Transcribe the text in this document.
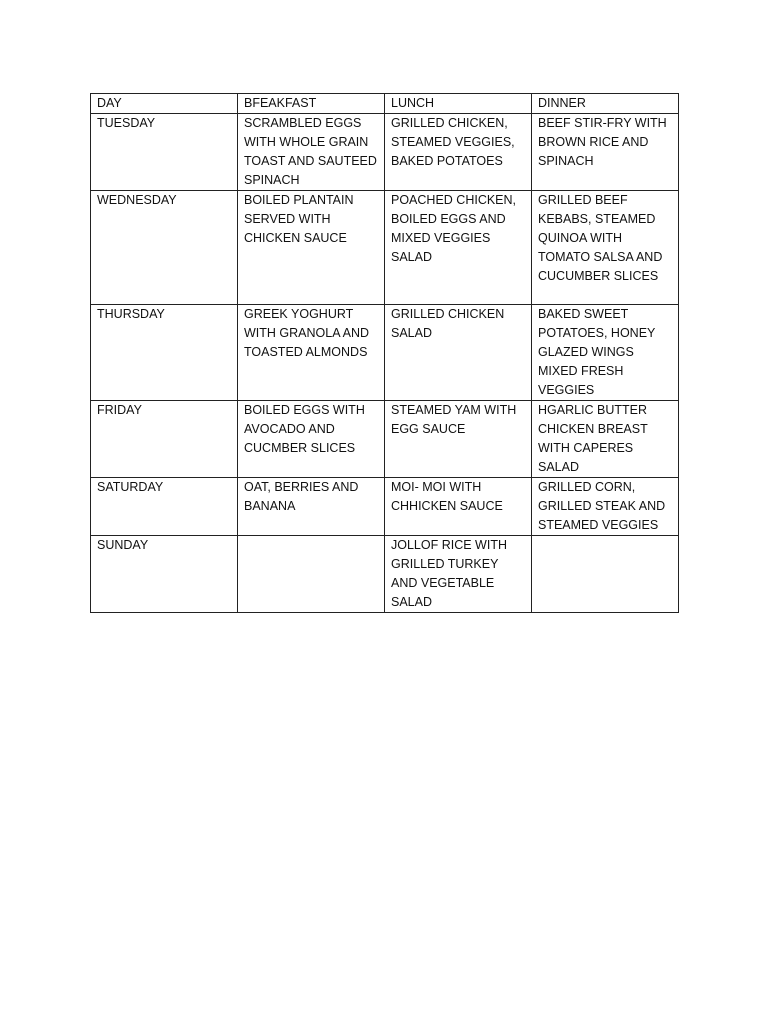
DAY	BFEAKFAST	LUNCH	DINNER
TUESDAY	SCRAMBLED EGGS WITH WHOLE GRAIN TOAST AND SAUTEED SPINACH	GRILLED CHICKEN, STEAMED VEGGIES, BAKED POTATOES	BEEF STIR-FRY WITH BROWN RICE AND SPINACH
WEDNESDAY	BOILED PLANTAIN SERVED WITH CHICKEN SAUCE	POACHED CHICKEN, BOILED EGGS AND MIXED VEGGIES SALAD	GRILLED BEEF KEBABS, STEAMED QUINOA WITH TOMATO SALSA AND CUCUMBER SLICES
THURSDAY	GREEK YOGHURT WITH GRANOLA AND TOASTED ALMONDS	GRILLED CHICKEN SALAD	BAKED SWEET POTATOES, HONEY GLAZED WINGS MIXED FRESH VEGGIES
FRIDAY	BOILED EGGS WITH AVOCADO AND CUCMBER SLICES	STEAMED YAM WITH EGG SAUCE	HGARLIC BUTTER CHICKEN BREAST WITH CAPERES SALAD
SATURDAY	OAT, BERRIES AND BANANA	MOI- MOI WITH CHHICKEN SAUCE	GRILLED CORN, GRILLED STEAK AND STEAMED VEGGIES
SUNDAY		JOLLOF RICE WITH GRILLED TURKEY AND VEGETABLE SALAD	
